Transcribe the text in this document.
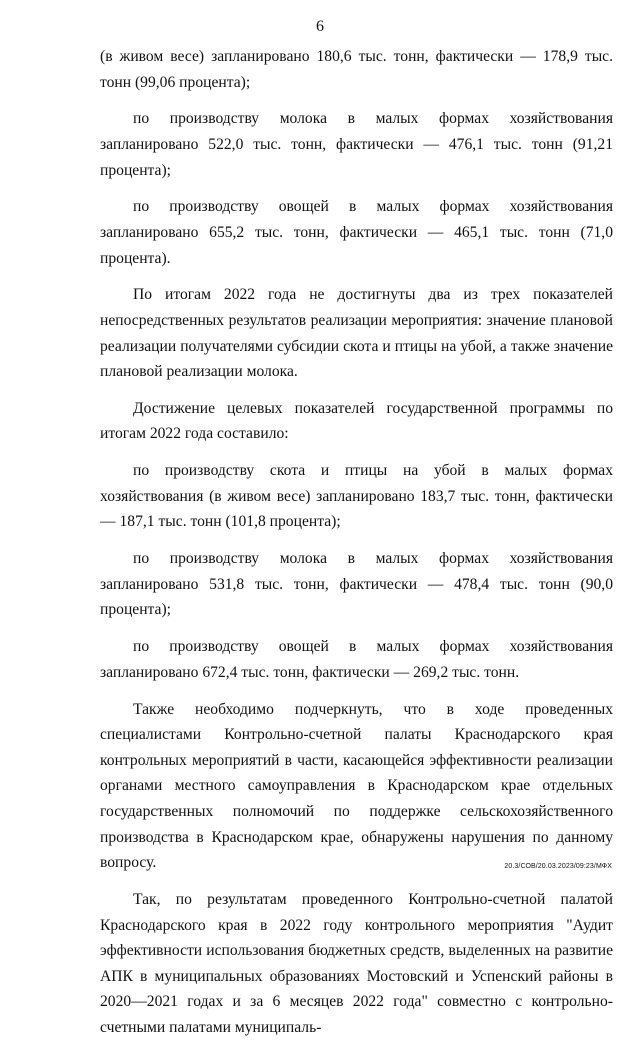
6

(в живом весе) запланировано 180,6 тыс. тонн, фактически — 178,9 тыс. тонн (99,06 процента);

по производству молока в малых формах хозяйствования запланировано 522,0 тыс. тонн, фактически — 476,1 тыс. тонн (91,21 процента);

по производству овощей в малых формах хозяйствования запланировано 655,2 тыс. тонн, фактически — 465,1 тыс. тонн (71,0 процента).

По итогам 2022 года не достигнуты два из трех показателей непосредственных результатов реализации мероприятия: значение плановой реализации получателями субсидии скота и птицы на убой, а также значение плановой реализации молока.

Достижение целевых показателей государственной программы по итогам 2022 года составило:

по производству скота и птицы на убой в малых формах хозяйствования (в живом весе) запланировано 183,7 тыс. тонн, фактически — 187,1 тыс. тонн (101,8 процента);

по производству молока в малых формах хозяйствования запланировано 531,8 тыс. тонн, фактически — 478,4 тыс. тонн (90,0 процента);

по производству овощей в малых формах хозяйствования запланировано 672,4 тыс. тонн, фактически — 269,2 тыс. тонн.

Также необходимо подчеркнуть, что в ходе проведенных специалистами Контрольно-счетной палаты Краснодарского края контрольных мероприятий в части, касающейся эффективности реализации органами местного самоуправления в Краснодарском крае отдельных государственных полномочий по поддержке сельскохозяйственного производства в Краснодарском крае, обнаружены нарушения по данному вопросу.

Так, по результатам проведенного Контрольно-счетной палатой Краснодарского края в 2022 году контрольного мероприятия "Аудит эффективности использования бюджетных средств, выделенных на развитие АПК в муниципальных образованиях Мостовский и Успенский районы в 2020—2021 годах и за 6 месяцев 2022 года" совместно с контрольно-счетными палатами муниципаль-

20.3/СОВ/20.03.2023/09:23/МФХ
